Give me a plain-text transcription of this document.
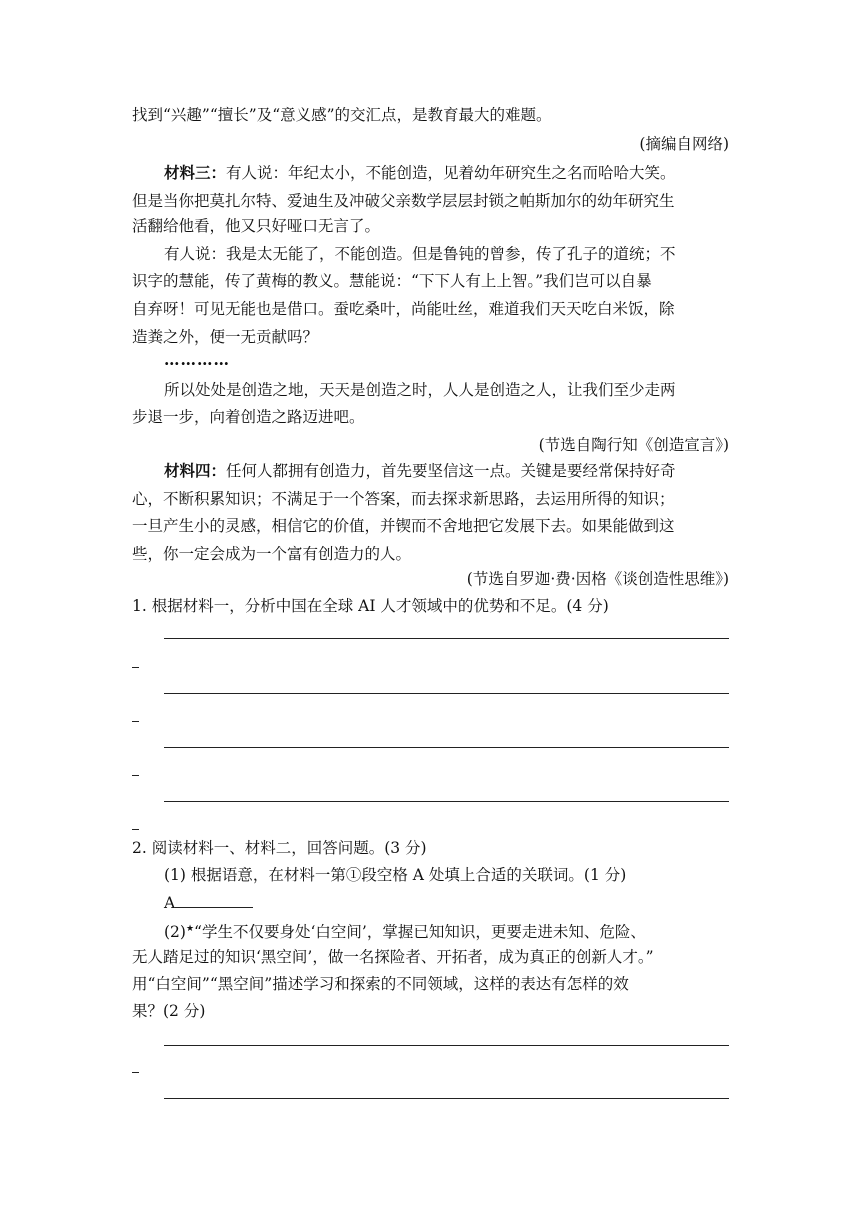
找到“兴趣”“擅长”及“意义感”的交汇点，是教育最大的难题。
(摘编自网络)
材料三：有人说：年纪太小，不能创造，见着幼年研究生之名而哈哈大笑。
但是当你把莫扎尔特、爱迪生及冲破父亲数学层层封锁之帕斯加尔的幼年研究生
活翻给他看，他又只好哑口无言了。
有人说：我是太无能了，不能创造。但是鲁钝的曾参，传了孔子的道统；不
识字的慧能，传了黄梅的教义。慧能说：“下下人有上上智。”我们岂可以自暴
自弃呀！可见无能也是借口。蚕吃桑叶，尚能吐丝，难道我们天天吃白米饭，除
造粪之外，便一无贡献吗？
…………
所以处处是创造之地，天天是创造之时，人人是创造之人，让我们至少走两
步退一步，向着创造之路迈进吧。
(节选自陶行知《创造宣言》)
材料四：任何人都拥有创造力，首先要坚信这一点。关键是要经常保持好奇
心，不断积累知识；不满足于一个答案，而去探求新思路，去运用所得的知识；
一旦产生小的灵感，相信它的价值，并锲而不舍地把它发展下去。如果能做到这
些，你一定会成为一个富有创造力的人。
(节选自罗迦·费·因格《谈创造性思维》)
1. 根据材料一，分析中国在全球 AI 人才领域中的优势和不足。(4 分)
2. 阅读材料一、材料二，回答问题。(3 分)
(1) 根据语意，在材料一第①段空格 A 处填上合适的关联词。(1 分)
A
(2)★“学生不仅要身处‘白空间’，掌握已知知识，更要走进未知、危险、
无人踏足过的知识‘黑空间’，做一名探险者、开拓者，成为真正的创新人才。”
用“白空间”“黑空间”描述学习和探索的不同领域，这样的表达有怎样的效
果？(2 分)
